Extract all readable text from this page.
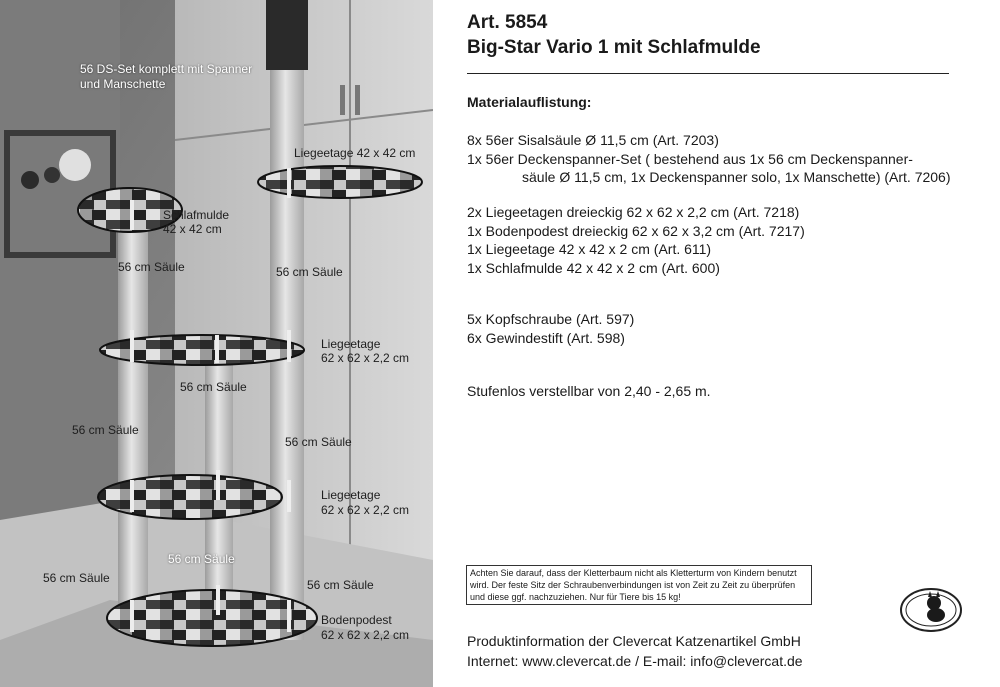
56 DS-Set komplett mit Spanner
und Manschette
Liegeetage 42 x 42 cm
Schlafmulde
42 x 42 cm
56 cm Säule	56 cm Säule
Liegeetage
62 x 62 x 2,2 cm
56 cm Säule
56 cm Säule
56 cm Säule
Liegeetage
62 x 62 x 2,2 cm
56 cm Säule
56 cm Säule	56 cm Säule
Bodenpodest
62 x 62 x 2,2 cm
Art. 5854
Big-Star Vario 1 mit Schlafmulde
Materialauflistung:
8x 56er Sisalsäule Ø 11,5 cm (Art. 7203)
1x 56er Deckenspanner-Set ( bestehend aus 1x 56 cm Deckenspanner-
säule Ø 11,5 cm, 1x Deckenspanner solo, 1x Manschette) (Art. 7206)
2x Liegeetagen dreieckig 62 x 62 x 2,2 cm (Art. 7218)
1x Bodenpodest dreieckig 62 x 62 x 3,2 cm (Art. 7217)
1x Liegeetage 42 x 42 x 2 cm (Art. 611)
1x Schlafmulde 42 x 42 x 2 cm (Art. 600)
5x Kopfschraube (Art. 597)
6x Gewindestift (Art. 598)
Stufenlos verstellbar von 2,40 - 2,65 m.
Achten Sie darauf, dass der Kletterbaum nicht als Kletterturm von Kindern benutzt wird. Der feste Sitz der Schraubenverbindungen ist von Zeit zu Zeit zu überprüfen und diese ggf. nachzuziehen. Nur für Tiere bis 15 kg!
Produktinformation der Clevercat Katzenartikel GmbH
Internet: www.clevercat.de / E-mail: info@clevercat.de
